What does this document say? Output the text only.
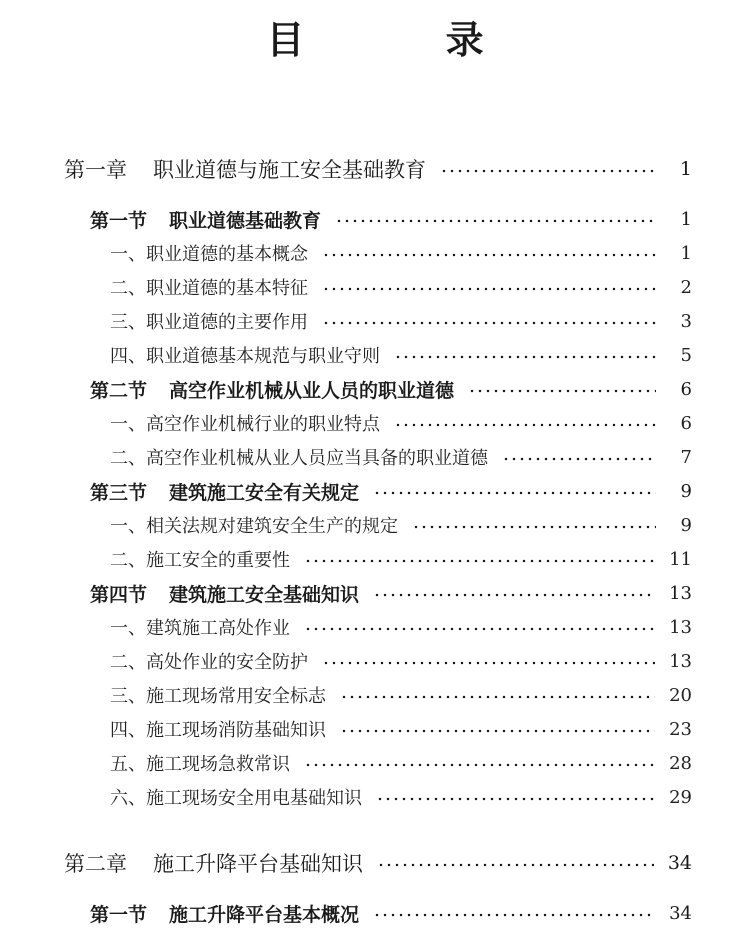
目 录
第一章 职业道德与施工安全基础教育	1
第一节 职业道德基础教育	1
一、职业道德的基本概念	1
二、职业道德的基本特征	2
三、职业道德的主要作用	3
四、职业道德基本规范与职业守则	5
第二节 高空作业机械从业人员的职业道德	6
一、高空作业机械行业的职业特点	6
二、高空作业机械从业人员应当具备的职业道德	7
第三节 建筑施工安全有关规定	9
一、相关法规对建筑安全生产的规定	9
二、施工安全的重要性	11
第四节 建筑施工安全基础知识	13
一、建筑施工高处作业	13
二、高处作业的安全防护	13
三、施工现场常用安全标志	20
四、施工现场消防基础知识	23
五、施工现场急救常识	28
六、施工现场安全用电基础知识	29
第二章 施工升降平台基础知识	34
第一节 施工升降平台基本概况	34
